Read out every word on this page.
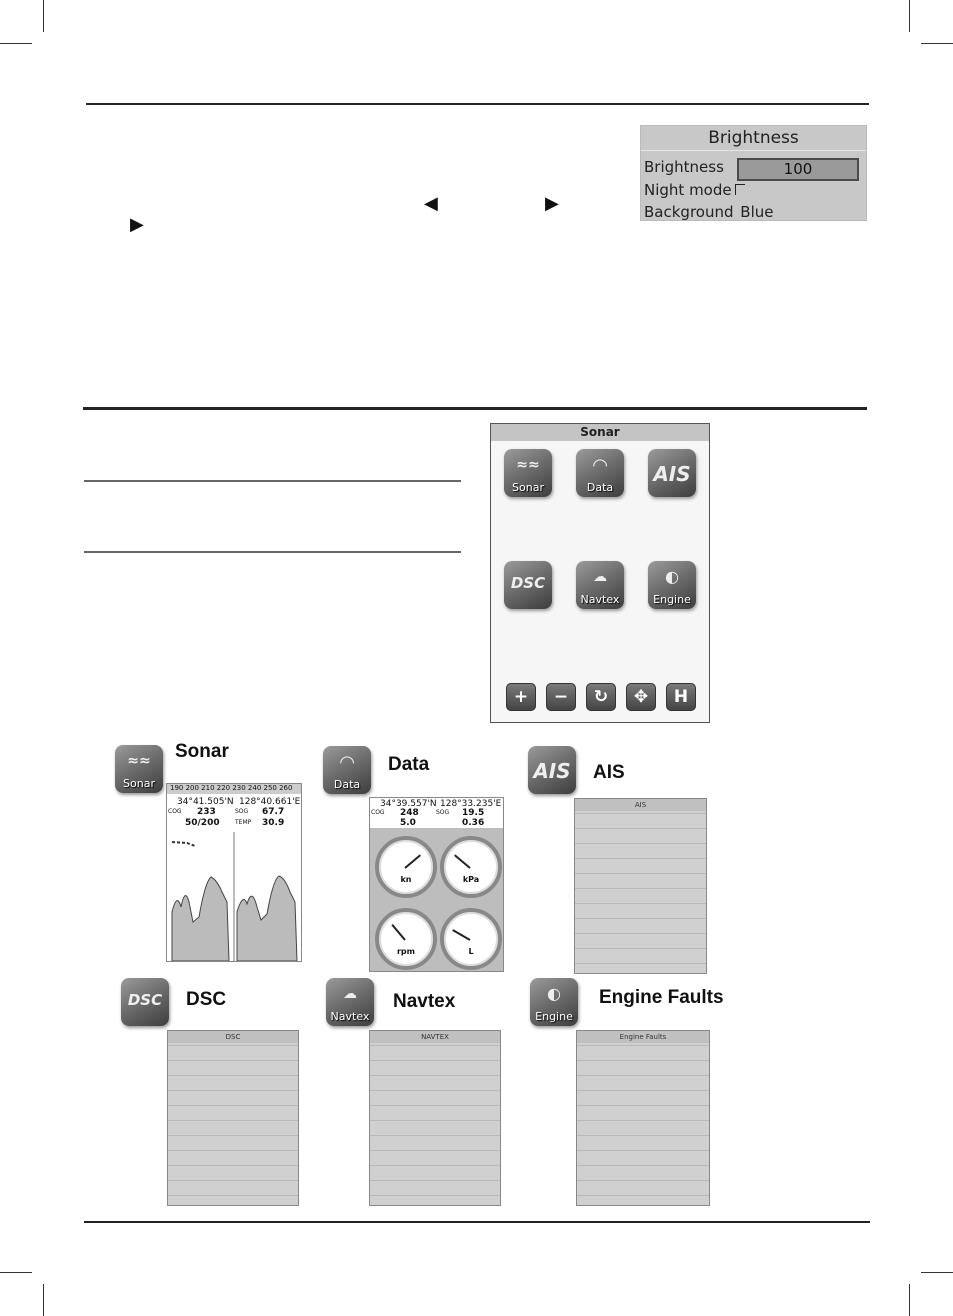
◀	▶
▶
Brightness
Brightness	100
Night mode
Background Blue
Sonar
≈≈
Sonar
◠
Data
AIS
DSC	☁
Navtex
◐
Engine
+	−	↻	✥	H
≈≈
Sonar
Sonar
190 200 210 220 230 240 250 260
34°41.505'N 128°40.661'E
COG 233	SOG 67.7
50/200	TEMP 30.9
◠
Data
Data
34°39.557'N 128°33.235'E
COG 248	SOG 19.5
5.0	0.36
kn	kPa
rpm	L
AIS AIS
AIS
DSC	DSC
DSC
☁
Navtex
Navtex
NAVTEX
◐
Engine
Engine Faults
Engine Faults
